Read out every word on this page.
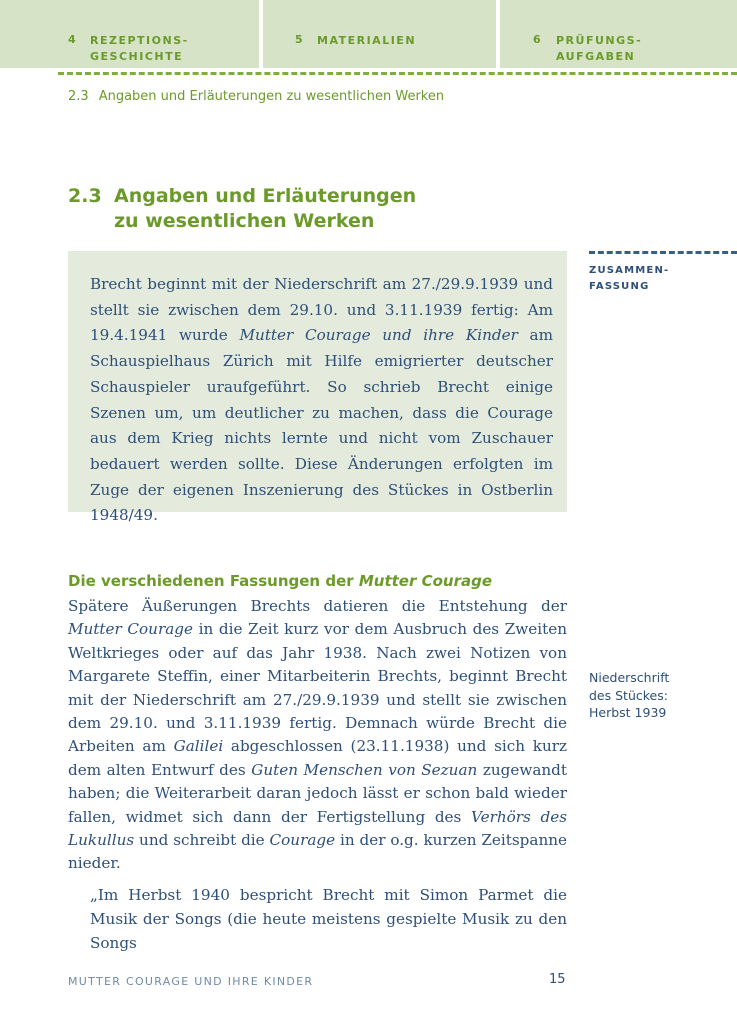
4 REZEPTIONS-
GESCHICHTE
5 MATERIALIEN	6 PRÜFUNGS-
AUFGABEN
2.3 Angaben und Erläuterungen zu wesentlichen Werken
2.3 Angaben und Erläuterungen
zu wesentlichen Werken

Brecht beginnt mit der Niederschrift am 27./29.9.1939 und stellt sie zwischen dem 29.10. und 3.11.1939 fertig: Am 19.4.1941 wurde Mutter Courage und ihre Kinder am Schauspielhaus Zürich mit Hilfe emigrierter deutscher Schauspieler uraufgeführt. So schrieb Brecht einige Szenen um, um deutlicher zu machen, dass die Courage aus dem Krieg nichts lernte und nicht vom Zuschauer bedauert werden sollte. Diese Änderungen erfolgten im Zuge der eigenen Inszenierung des Stückes in Ostberlin 1948/49.

ZUSAMMEN-
FASSUNG
Die verschiedenen Fassungen der Mutter Courage

Spätere Äußerungen Brechts datieren die Entstehung der Mutter Courage in die Zeit kurz vor dem Ausbruch des Zweiten Weltkrieges oder auf das Jahr 1938. Nach zwei Notizen von Margarete Steffin, einer Mitarbeiterin Brechts, beginnt Brecht mit der Niederschrift am 27./29.9.1939 und stellt sie zwischen dem 29.10. und 3.11.1939 fertig. Demnach würde Brecht die Arbeiten am Galilei abgeschlossen (23.11.1938) und sich kurz dem alten Entwurf des Guten Menschen von Sezuan zugewandt haben; die Weiterarbeit daran jedoch lässt er schon bald wieder fallen, widmet sich dann der Fertigstellung des Verhörs des Lukullus und schreibt die Courage in der o.g. kurzen Zeitspanne nieder.

„Im Herbst 1940 bespricht Brecht mit Simon Parmet die Musik der Songs (die heute meistens gespielte Musik zu den Songs

Niederschrift
des Stückes:
Herbst 1939
MUTTER COURAGE UND IHRE KINDER	15
